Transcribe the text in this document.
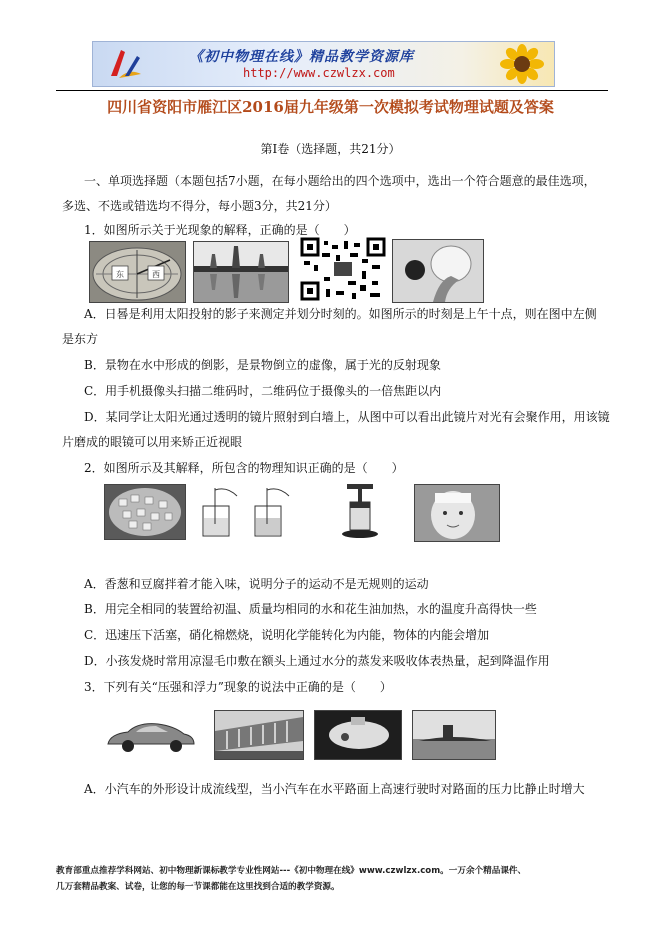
《初中物理在线》精品教学资源库
http://www.czwlzx.com
四川省资阳市雁江区2016届九年级第一次模拟考试物理试题及答案
第Ⅰ卷（选择题，共21分）
一、单项选择题（本题包括7小题，在每小题给出的四个选项中，选出一个符合题意的最佳选项，
多选、不选或错选均不得分，每小题3分，共21分）
1．如图所示关于光现象的解释，正确的是（　　）
东	西
A．日晷是利用太阳投射的影子来测定并划分时刻的。如图所示的时刻是上午十点，则在图中左侧
是东方
B．景物在水中形成的倒影，是景物倒立的虚像，属于光的反射现象
C．用手机摄像头扫描二维码时，二维码位于摄像头的一倍焦距以内
D．某同学让太阳光通过透明的镜片照射到白墙上，从图中可以看出此镜片对光有会聚作用，用该镜
片磨成的眼镜可以用来矫正近视眼
2．如图所示及其解释，所包含的物理知识正确的是（　　）
A．香葱和豆腐拌着才能入味，说明分子的运动不是无规则的运动
B．用完全相同的装置给初温、质量均相同的水和花生油加热，水的温度升高得快一些
C．迅速压下活塞，硝化棉燃烧，说明化学能转化为内能，物体的内能会增加
D．小孩发烧时常用凉湿毛巾敷在额头上通过水分的蒸发来吸收体表热量，起到降温作用
3．下列有关“压强和浮力”现象的说法中正确的是（　　）
A．小汽车的外形设计成流线型，当小汽车在水平路面上高速行驶时对路面的压力比静止时增大
教育部重点推荐学科网站、初中物理新课标教学专业性网站---《初中物理在线》www.czwlzx.com。一万余个精品课件、
几万套精品教案、试卷，让您的每一节课都能在这里找到合适的教学资源。
